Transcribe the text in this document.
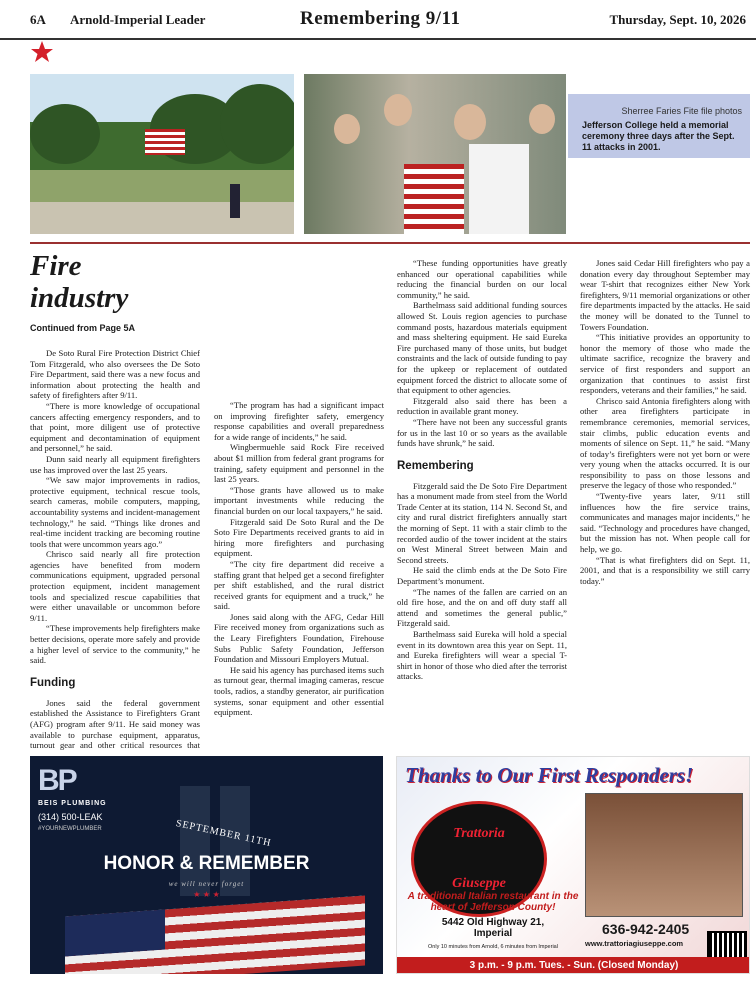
6A Arnold-Imperial Leader	Remembering 9/11	Thursday, Sept. 10, 2026
Sherree Faries Fite file photos
Jefferson College held a memorial ceremony three days after the Sept. 11 attacks in 2001.
Fire
industry
Continued from Page 5A

De Soto Rural Fire Protection District Chief Tom Fitzgerald, who also oversees the De Soto Fire Department, said there was a new focus and information about protecting the health and safety of firefighters after 9/11.

“There is more knowledge of occupational cancers affecting emergency responders, and to that point, more diligent use of protective equipment and decontamination of equipment and personnel,” he said.

Dunn said nearly all equipment firefighters use has improved over the last 25 years.

“We saw major improvements in radios, protective equipment, technical rescue tools, search cameras, mobile computers, mapping, accountability systems and incident-management technology,” he said. “Things like drones and real-time incident tracking are becoming routine tools that were uncommon years ago.”

Chrisco said nearly all fire protection agencies have benefited from modern communications equipment, upgraded personal protection equipment, incident management tools and specialized rescue capabilities that were either unavailable or uncommon before 9/11.

“These improvements help firefighters make better decisions, operate more safely and provide a higher level of service to the community,” he said.

Funding

Jones said the federal government established the Assistance to Firefighters Grant (AFG) program after 9/11. He said money was available to purchase equipment, apparatus, turnout gear and other critical resources that

“The program has had a significant impact on improving firefighter safety, emergency response capabilities and overall preparedness for a wide range of incidents,” he said.

Wingbermuehle said Rock Fire received about $1 million from federal grant programs for training, safety equipment and personnel in the last 25 years.

“Those grants have allowed us to make important investments while reducing the financial burden on our local taxpayers,” he said.

Fitzgerald said De Soto Rural and the De Soto Fire Departments received grants to aid in hiring more firefighters and purchasing equipment.

“The city fire department did receive a staffing grant that helped get a second firefighter per shift established, and the rural district received grants for equipment and a truck,” he said.

Jones said along with the AFG, Cedar Hill Fire received money from organizations such as the Leary Firefighters Foundation, Firehouse Subs Public Safety Foundation, Jefferson Foundation and Missouri Employers Mutual.

He said his agency has purchased items such as turnout gear, thermal imaging cameras, rescue tools, radios, a standby generator, air purification systems, sonar equipment and other essential equipment.

“These funding opportunities have greatly enhanced our operational capabilities while reducing the financial burden on our local community,” he said.

Barthelmass said additional funding sources allowed St. Louis region agencies to purchase command posts, hazardous materials equipment and mass sheltering equipment. He said Eureka Fire purchased many of those units, but budget constraints and the lack of outside funding to pay for the upkeep or replacement of outdated equipment forced the district to allocate some of that equipment to other agencies.

Fitzgerald also said there has been a reduction in available grant money.

“There have not been any successful grants for us in the last 10 or so years as the available funds have shrunk,” he said.

Remembering

Fitzgerald said the De Soto Fire Department has a monument made from steel from the World Trade Center at its station, 114 N. Second St, and city and rural district firefighters annually start the morning of Sept. 11 with a stair climb to the recorded audio of the tower incident at the stairs on West Mineral Street between Main and Second streets.

He said the climb ends at the De Soto Fire Department’s monument.

“The names of the fallen are carried on an old fire hose, and the on and off duty staff all attend and sometimes the general public,” Fitzgerald said.

Barthelmass said Eureka will hold a special event in its downtown area this year on Sept. 11, and Eureka firefighters will wear a special T-shirt in honor of those who died after the terrorist attacks.

Jones said Cedar Hill firefighters who pay a donation every day throughout September may wear T-shirt that recognizes either New York firefighters, 9/11 memorial organizations or other fire departments impacted by the attacks. He said the money will be donated to the Tunnel to Towers Foundation.

“This initiative provides an opportunity to honor the memory of those who made the ultimate sacrifice, recognize the bravery and service of first responders and support an organization that continues to assist first responders, veterans and their families,” he said.

Chrisco said Antonia firefighters along with other area firefighters participate in remembrance ceremonies, memorial services, stair climbs, public education events and moments of silence on Sept. 11,” he said. “Many of today’s firefighters were not yet born or were very young when the attacks occurred. It is our responsibility to pass on those lessons and preserve the legacy of those who responded.”

“Twenty-five years later, 9/11 still influences how the fire service trains, communicates and manages major incidents,” he said. “Technology and procedures have changed, but the mission has not. When people call for help, we go.

“That is what firefighters did on Sept. 11, 2001, and that is a responsibility we still carry today.”

BP
BEIS PLUMBING
(314) 500-LEAK
#YOURNEWPLUMBER	SEPTEMBER 11TH
HONOR & REMEMBER
we will never forget
★ ★ ★
Thanks to Our First Responders!
Trattoria
Giuseppe
A traditional Italian restaurant in the heart of Jefferson County!
5442 Old Highway 21,
Imperial
Only 10 minutes from Arnold, 6 minutes from Imperial
636-942-2405
www.trattoriagiuseppe.com
3 p.m. - 9 p.m. Tues. - Sun. (Closed Monday)
